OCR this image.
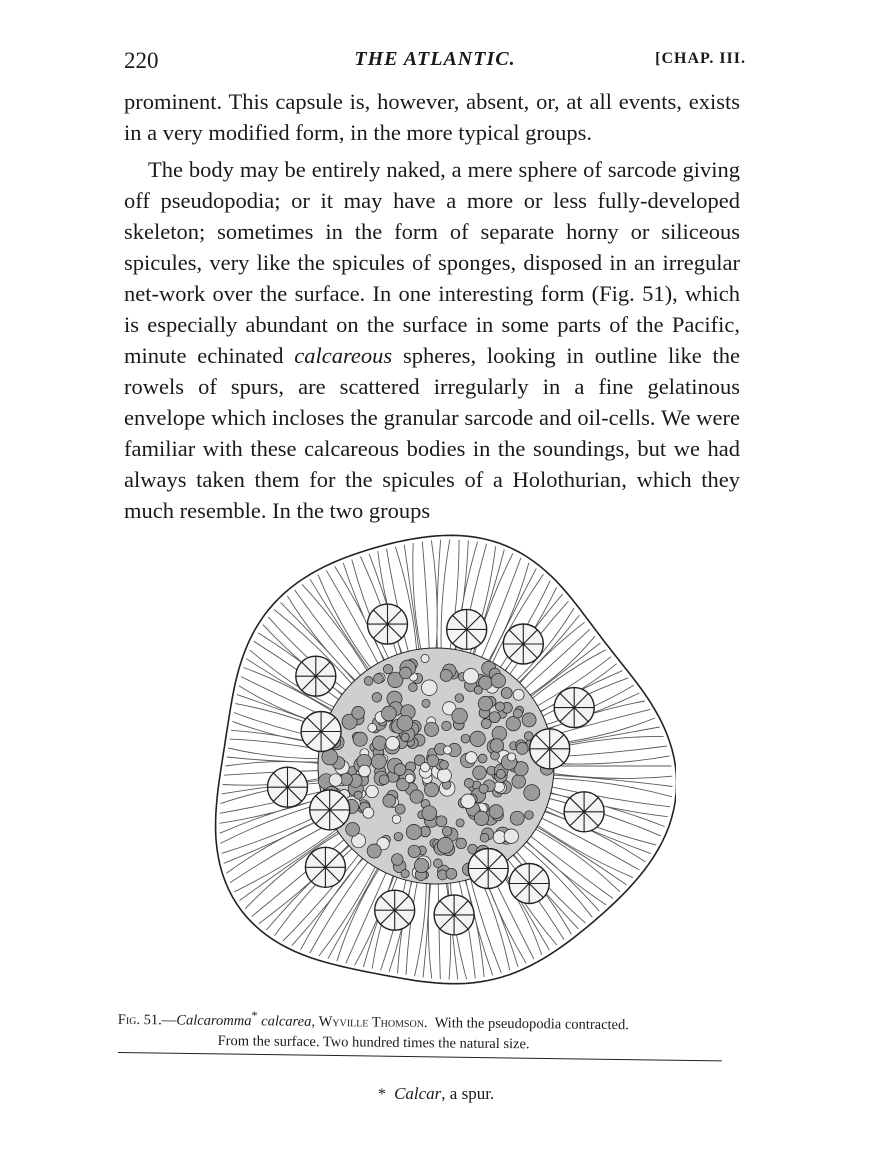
220	THE ATLANTIC.	[CHAP. III.

prominent. This capsule is, however, absent, or, at all events, exists in a very modified form, in the more typical groups.

The body may be entirely naked, a mere sphere of sarcode giving off pseudopodia; or it may have a more or less fully-developed skeleton; sometimes in the form of separate horny or siliceous spicules, very like the spicules of sponges, disposed in an irregular net-work over the surface. In one interesting form (Fig. 51), which is especially abundant on the surface in some parts of the Pacific, minute echinated calcareous spheres, looking in outline like the rowels of spurs, are scattered irregularly in a fine gelatinous envelope which incloses the granular sarcode and oil-cells. We were familiar with these calcareous bodies in the soundings, but we had always taken them for the spicules of a Holothurian, which they much resemble. In the two groups

Fig. 51.—Calcaromma* calcarea, Wyville Thomson. With the pseudopodia contracted.
From the surface. Two hundred times the natural size.
* Calcar, a spur.
